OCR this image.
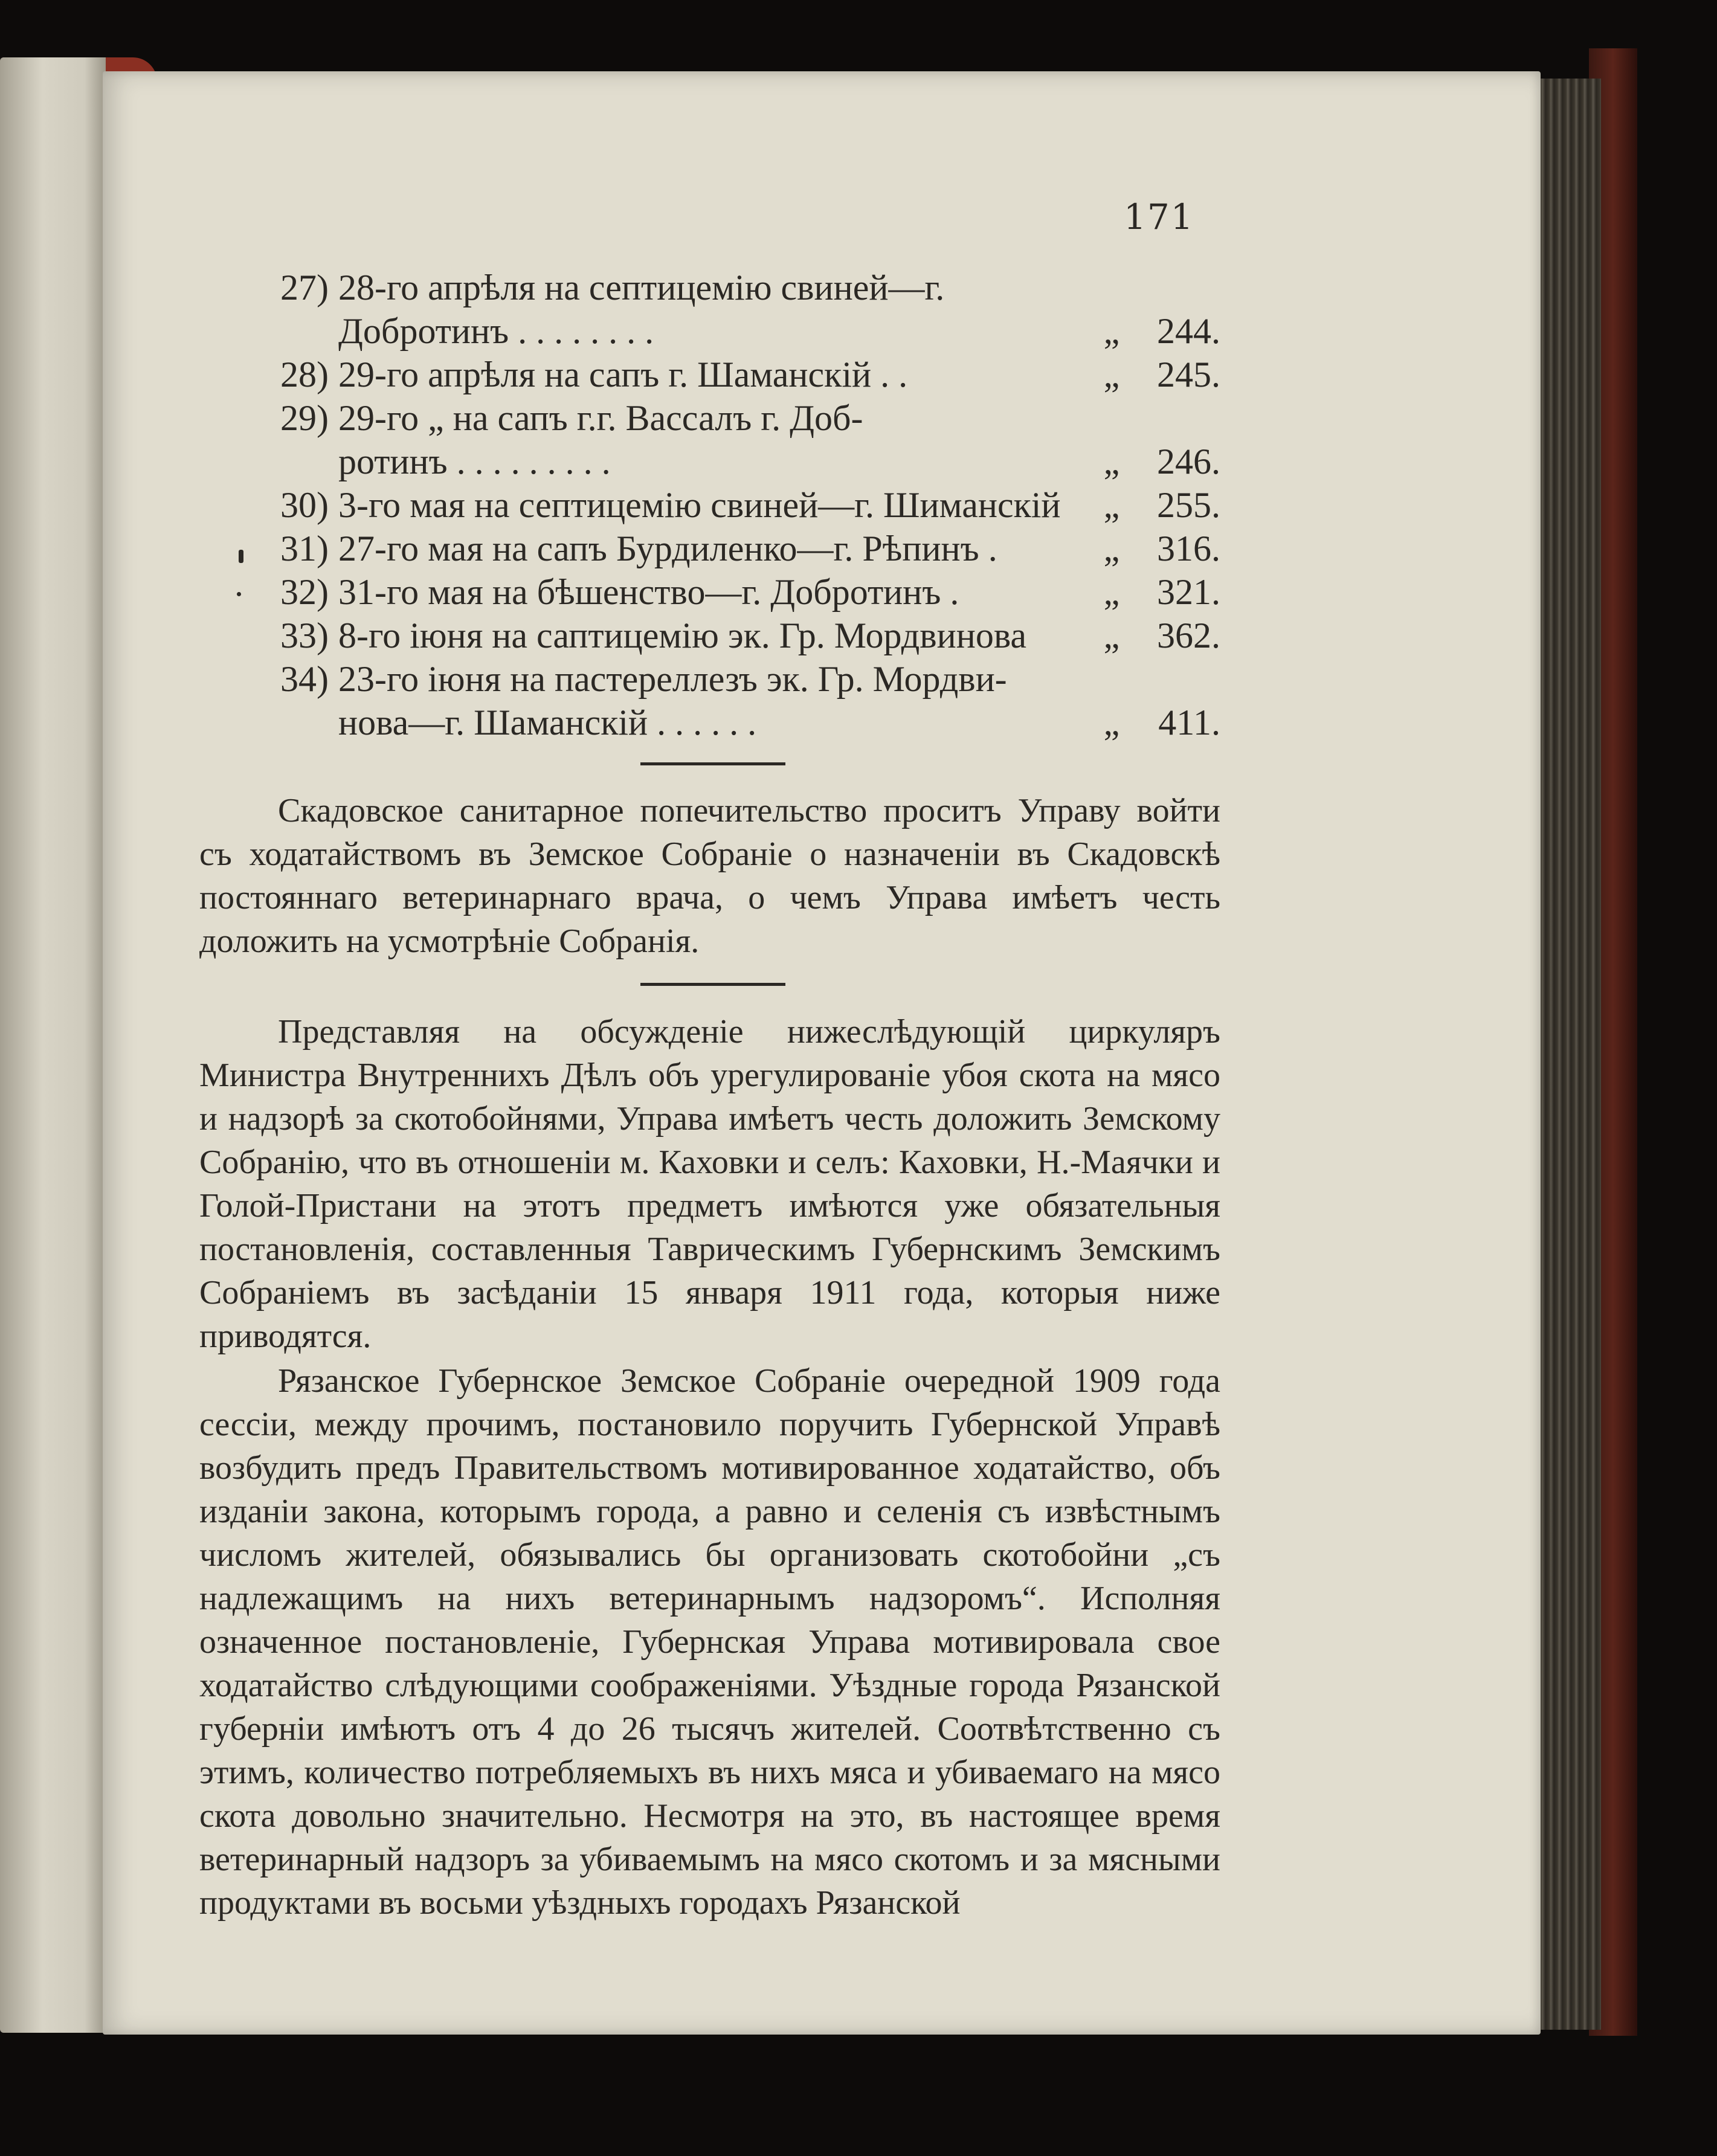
171
27) 28-го апрѣля на септицемію свиней—г.
Добротинъ . . . . . . . .	„	244.
28) 29-го апрѣля на сапъ г. Шаманскій . .	„	245.
29) 29-го „ на сапъ г.г. Вассалъ г. Доб-
ротинъ . . . . . . . . .	„	246.
30) 3-го мая на септицемію свиней—г. Шиманскій	„	255.
31) 27-го мая на сапъ Бурдиленко—г. Рѣпинъ .	„	316.
32) 31-го мая на бѣшенство—г. Добротинъ .	„	321.
33) 8-го іюня на саптицемію эк. Гр. Мордвинова	„	362.
34) 23-го іюня на пастереллезъ эк. Гр. Мордви-
нова—г. Шаманскій . . . . . .	„	411.

Скадовское санитарное попечительство проситъ Управу войти съ ходатайствомъ въ Земское Собраніе о назначеніи въ Скадовскѣ постояннаго ветеринарнаго врача, о чемъ Управа имѣетъ честь доложить на усмотрѣніе Собранія.

Представляя на обсужденіе нижеслѣдующій циркуляръ Министра Внутреннихъ Дѣлъ объ урегулированіе убоя скота на мясо и надзорѣ за скотобойнями, Управа имѣетъ честь доложить Земскому Собранію, что въ отношеніи м. Каховки и селъ: Каховки, Н.-Маячки и Голой-Пристани на этотъ предметъ имѣются уже обязательныя постановленія, составленныя Таврическимъ Губернскимъ Земскимъ Собраніемъ въ засѣданіи 15 января 1911 года, которыя ниже приводятся.

Рязанское Губернское Земское Собраніе очередной 1909 года сессіи, между прочимъ, постановило поручить Губернской Управѣ возбудить предъ Правительствомъ мотивированное ходатайство, объ изданіи закона, которымъ города, а равно и селенія съ извѣстнымъ числомъ жителей, обязывались бы организовать скотобойни „съ надлежащимъ на нихъ ветеринарнымъ надзоромъ“. Исполняя означенное постановленіе, Губернская Управа мотивировала свое ходатайство слѣдующими соображеніями. Уѣздные города Рязанской губерніи имѣютъ отъ 4 до 26 тысячъ жителей. Соотвѣтственно съ этимъ, количество потребляемыхъ въ нихъ мяса и убиваемаго на мясо скота довольно значительно. Несмотря на это, въ настоящее время ветеринарный надзоръ за убиваемымъ на мясо скотомъ и за мясными продуктами въ восьми уѣздныхъ городахъ Рязанской
